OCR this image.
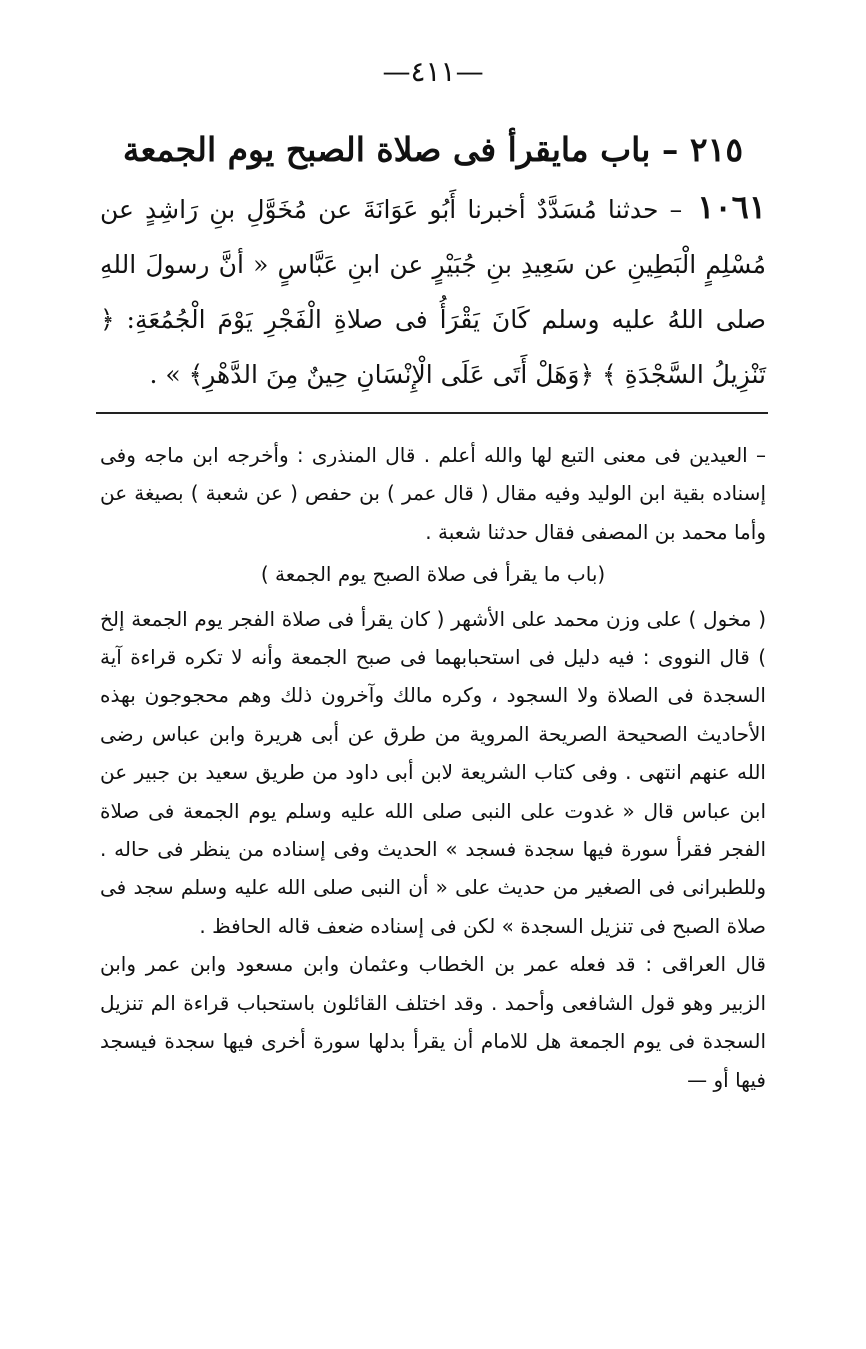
—٤١١—
٢١٥ – باب مايقرأ فى صلاة الصبح يوم الجمعة
١٠٦١ – حدثنا مُسَدَّدٌ أخبرنا أَبُو عَوَانَةَ عن مُخَوَّلِ بنِ رَاشِدٍ عن مُسْلِمٍ الْبَطِينِ عن سَعِيدِ بنِ جُبَيْرٍ عن ابنِ عَبَّاسٍ « أنَّ رسولَ اللهِ صلى اللهُ عليه وسلم كَانَ يَقْرَأُ فى صلاةِ الْفَجْرِ يَوْمَ الْجُمُعَةِ: ﴿ تَنْزِيلُ السَّجْدَةِ ﴾ ﴿وَهَلْ أَتَى عَلَى الْإِنْسَانِ حِينٌ مِنَ الدَّهْرِ﴾ » .

– العيدين فى معنى التبع لها والله أعلم . قال المنذرى : وأخرجه ابن ماجه وفى إسناده بقية ابن الوليد وفيه مقال ( قال عمر ) بن حفص ( عن شعبة ) بصيغة عن وأما محمد بن المصفى فقال حدثنا شعبة .

(باب ما يقرأ فى صلاة الصبح يوم الجمعة )

( مخول ) على وزن محمد على الأشهر ( كان يقرأ فى صلاة الفجر يوم الجمعة إلخ ) قال النووى : فيه دليل فى استحبابهما فى صبح الجمعة وأنه لا تكره قراءة آية السجدة فى الصلاة ولا السجود ، وكره مالك وآخرون ذلك وهم محجوجون بهذه الأحاديث الصحيحة الصريحة المروية من طرق عن أبى هريرة وابن عباس رضى الله عنهم انتهى . وفى كتاب الشريعة لابن أبى داود من طريق سعيد بن جبير عن ابن عباس قال « غدوت على النبى صلى الله عليه وسلم يوم الجمعة فى صلاة الفجر فقرأ سورة فيها سجدة فسجد » الحديث وفى إسناده من ينظر فى حاله . وللطبرانى فى الصغير من حديث على « أن النبى صلى الله عليه وسلم سجد فى صلاة الصبح فى تنزيل السجدة » لكن فى إسناده ضعف قاله الحافظ .

قال العراقى : قد فعله عمر بن الخطاب وعثمان وابن مسعود وابن عمر وابن الزبير وهو قول الشافعى وأحمد . وقد اختلف القائلون باستحباب قراءة الم تنزيل السجدة فى يوم الجمعة هل للامام أن يقرأ بدلها سورة أخرى فيها سجدة فيسجد فيها أو —
